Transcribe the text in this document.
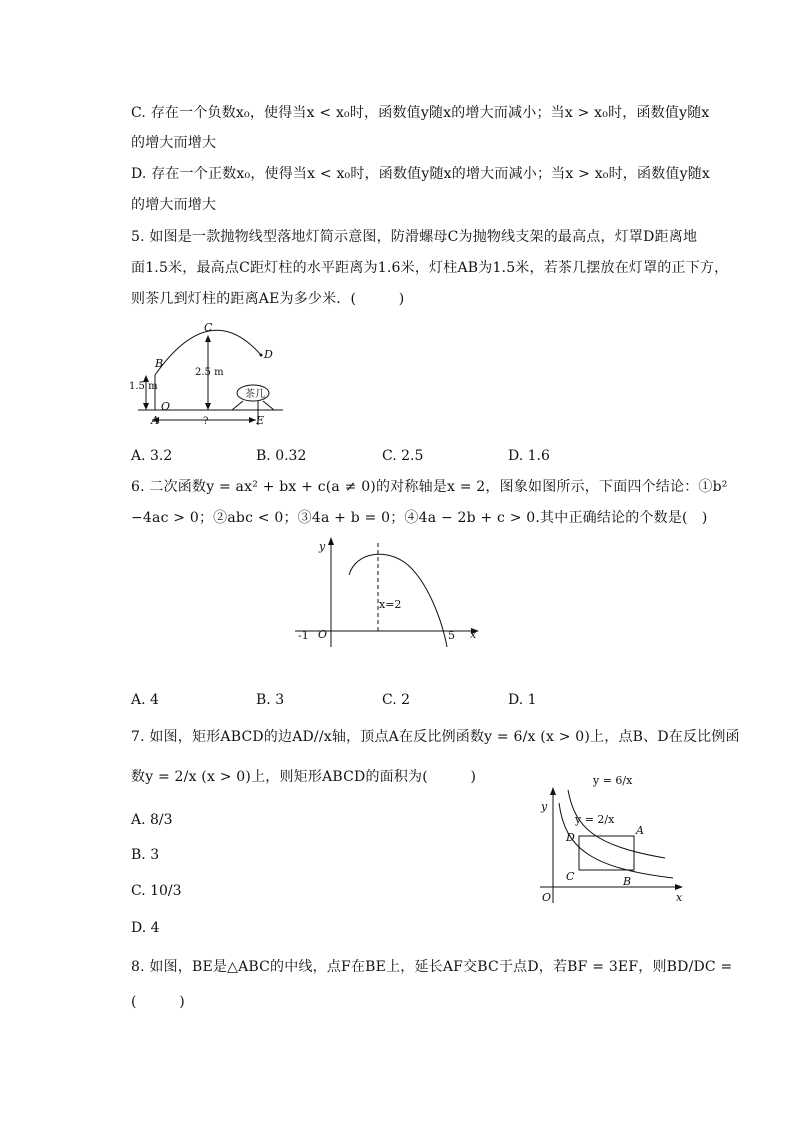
C. 存在一个负数x₀，使得当x < x₀时，函数值y随x的增大而减小；当x > x₀时，函数值y随x
的增大而增大
D. 存在一个正数x₀，使得当x < x₀时，函数值y随x的增大而减小；当x > x₀时，函数值y随x
的增大而增大
5. 如图是一款抛物线型落地灯简示意图，防滑螺母C为抛物线支架的最高点，灯罩D距离地
面1.5米，最高点C距灯柱的水平距离为1.6米，灯柱AB为1.5米，若茶几摆放在灯罩的正下方，
则茶几到灯柱的距离AE为多少米．(　　　)
C
D
B
O
A	E
1.5 m
2.5 m
?
茶几
A. 3.2	B. 0.32	C. 2.5	D. 1.6
6. 二次函数y = ax² + bx + c(a ≠ 0)的对称轴是x = 2，图象如图所示，下面四个结论：①b²
−4ac > 0；②abc < 0；③4a + b = 0；④4a − 2b + c > 0.其中正确结论的个数是(　)
y
x
O
-1	5
x=2
A. 4	B. 3	C. 2	D. 1
7. 如图，矩形ABCD的边AD//x轴，顶点A在反比例函数y = 6/x (x > 0)上，点B、D在反比例函
数y = 2/x (x > 0)上，则矩形ABCD的面积为(　　　)
A. 8/3
B. 3
C. 10/3
D. 4
y = 6/x
y = 2/x
y
x
O
A
B
C
D
8. 如图，BE是△ABC的中线，点F在BE上，延长AF交BC于点D，若BF = 3EF，则BD/DC =
(　　　)
